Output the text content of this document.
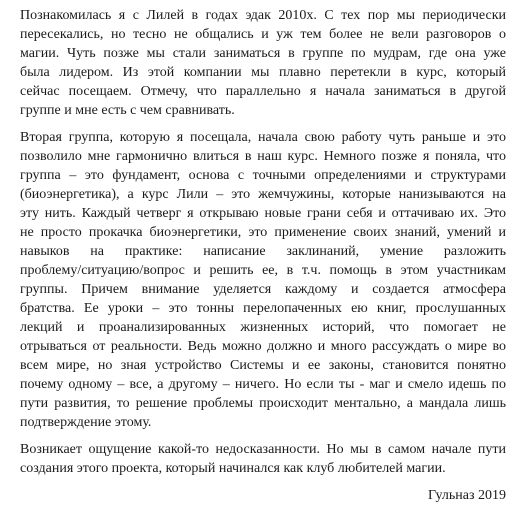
Познакомилась я с Лилей в годах эдак 2010х. С тех пор мы периодически
пересекались, но тесно не общались и уж тем более не вели разговоров о
магии. Чуть позже мы стали заниматься в группе по мудрам, где она уже
была лидером. Из этой компании мы плавно перетекли в курс, который
сейчас посещаем. Отмечу, что параллельно я начала заниматься в другой
группе и мне есть с чем сравнивать.
Вторая группа, которую я посещала, начала свою работу чуть раньше и это
позволило мне гармонично влиться в наш курс. Немного позже я поняла, что
группа – это фундамент, основа с точными определениями и структурами
(биоэнергетика), а курс Лили – это жемчужины, которые нанизываются на
эту нить. Каждый четверг я открываю новые грани себя и оттачиваю их. Это
не просто прокачка биоэнергетики, это применение своих знаний, умений и
навыков на практике: написание заклинаний, умение разложить
проблему/ситуацию/вопрос и решить ее, в т.ч. помощь в этом участникам
группы. Причем внимание уделяется каждому и создается атмосфера
братства. Ее уроки – это тонны перелопаченных ею книг, прослушанных
лекций и проанализированных жизненных историй, что помогает не
отрываться от реальности. Ведь можно должно и много рассуждать о мире во
всем мире, но зная устройство Системы и ее законы, становится понятно
почему одному – все, а другому – ничего. Но если ты - маг и смело идешь по
пути развития, то решение проблемы происходит ментально, а мандала лишь
подтверждение этому.
Возникает ощущение какой-то недосказанности. Но мы в самом начале пути
создания этого проекта, который начинался как клуб любителей магии.
Гульназ 2019
